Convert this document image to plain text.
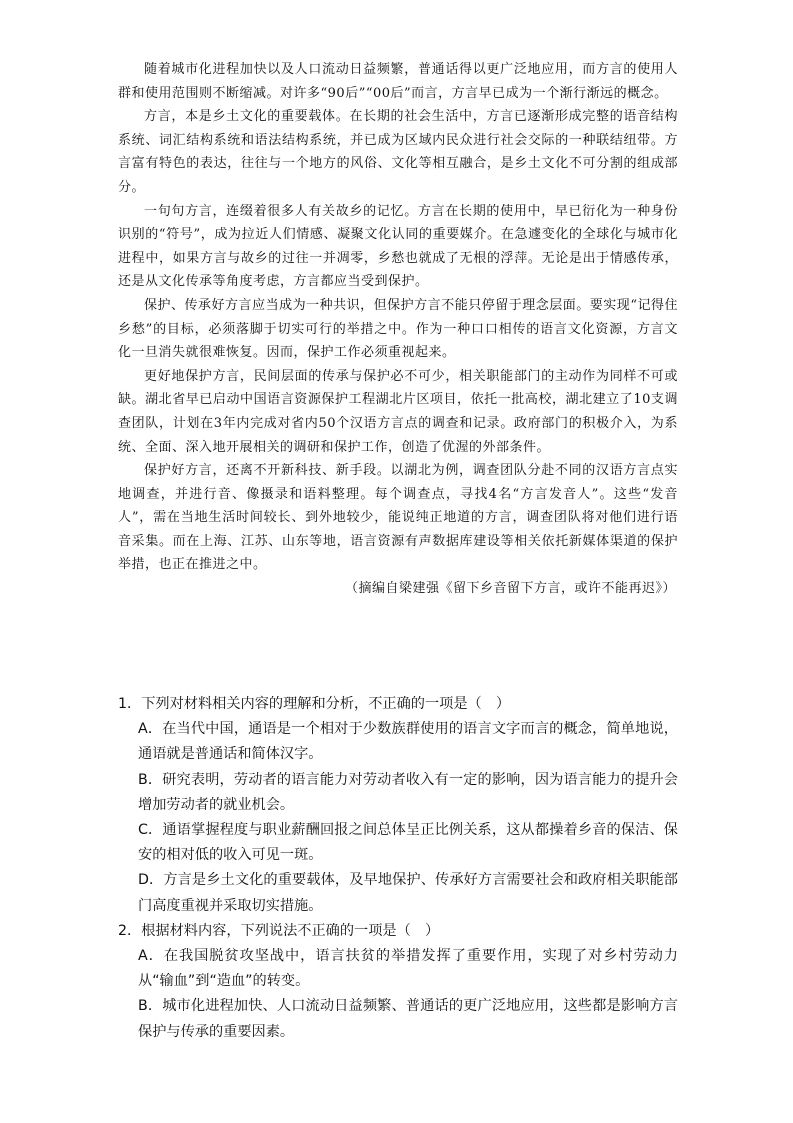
随着城市化进程加快以及人口流动日益频繁，普通话得以更广泛地应用，而方言的使用人群和使用范围则不断缩减。对许多“90后”“00后”而言，方言早已成为一个渐行渐远的概念。

方言，本是乡土文化的重要载体。在长期的社会生活中，方言已逐渐形成完整的语音结构系统、词汇结构系统和语法结构系统，并已成为区域内民众进行社会交际的一种联结纽带。方言富有特色的表达，往往与一个地方的风俗、文化等相互融合，是乡土文化不可分割的组成部分。

一句句方言，连缀着很多人有关故乡的记忆。方言在长期的使用中，早已衍化为一种身份识别的“符号”，成为拉近人们情感、凝聚文化认同的重要媒介。在急遽变化的全球化与城市化进程中，如果方言与故乡的过往一并凋零，乡愁也就成了无根的浮萍。无论是出于情感传承，还是从文化传承等角度考虑，方言都应当受到保护。

保护、传承好方言应当成为一种共识，但保护方言不能只停留于理念层面。要实现“记得住乡愁”的目标，必须落脚于切实可行的举措之中。作为一种口口相传的语言文化资源，方言文化一旦消失就很难恢复。因而，保护工作必须重视起来。

更好地保护方言，民间层面的传承与保护必不可少，相关职能部门的主动作为同样不可或缺。湖北省早已启动中国语言资源保护工程湖北片区项目，依托一批高校，湖北建立了10支调查团队，计划在3年内完成对省内50个汉语方言点的调查和记录。政府部门的积极介入，为系统、全面、深入地开展相关的调研和保护工作，创造了优渥的外部条件。

保护好方言，还离不开新科技、新手段。以湖北为例，调查团队分赴不同的汉语方言点实地调查，并进行音、像摄录和语料整理。每个调查点，寻找4名“方言发音人”。这些“发音人”，需在当地生活时间较长、到外地较少，能说纯正地道的方言，调查团队将对他们进行语音采集。而在上海、江苏、山东等地，语言资源有声数据库建设等相关依托新媒体渠道的保护举措，也正在推进之中。

（摘编自梁建强《留下乡音留下方言，或许不能再迟》）

1．下列对材料相关内容的理解和分析，不正确的一项是（　）

A．在当代中国，通语是一个相对于少数族群使用的语言文字而言的概念，简单地说，通语就是普通话和简体汉字。

B．研究表明，劳动者的语言能力对劳动者收入有一定的影响，因为语言能力的提升会增加劳动者的就业机会。

C．通语掌握程度与职业薪酬回报之间总体呈正比例关系，这从都操着乡音的保洁、保安的相对低的收入可见一斑。

D．方言是乡土文化的重要载体，及早地保护、传承好方言需要社会和政府相关职能部门高度重视并采取切实措施。

2．根据材料内容，下列说法不正确的一项是（　）

A．在我国脱贫攻坚战中，语言扶贫的举措发挥了重要作用，实现了对乡村劳动力从“输血”到“造血”的转变。

B．城市化进程加快、人口流动日益频繁、普通话的更广泛地应用，这些都是影响方言保护与传承的重要因素。
